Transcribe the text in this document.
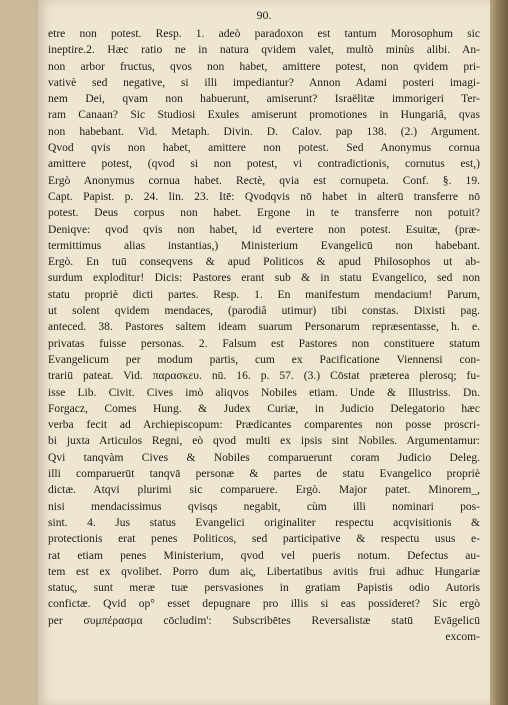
90.
etre non potest. Resp. 1. adeò paradoxon est tantum Morosophum sic
ineptire.2. Hæc ratio ne in natura qvidem valet, multò minùs alibi. An-
non arbor fructus, qvos non habet, amittere potest, non qvidem pri-
vativè sed negative, si illi impediantur? Annon Adami posteri imagi-
nem Dei, qvam non habuerunt, amiserunt? Israëlitæ immorigeri Ter-
ram Canaan? Sic Studiosi Exules amiserunt promotiones in Hungariâ, qvas
non habebant. Vid. Metaph. Divin. D. Calov. pap 138. (2.) Argument.
Qvod qvis non habet, amittere non potest. Sed Anonymus cornua
amittere potest, (qvod si non potest, vi contradictionis, cornutus est,)
Ergò Anonymus cornua habet. Rectè, qvia est cornupeta. Conf. §. 19.
Capt. Papist. p. 24. lin. 23. Itē: Qvodqvis nō habet in alterū transferre nō
potest. Deus corpus non habet. Ergone in te transferre non potuit?
Deniqve: qvod qvis non habet, id evertere non potest. Esuitæ, (præ-
termittimus alias instantias,) Ministerium Evangelicū non habebant.
Ergò. En tuū conseqvens & apud Politicos & apud Philosophos ut ab-
surdum exploditur! Dicis: Pastores erant sub & in statu Evangelico, sed non
statu propriè dicti partes. Resp. 1. En manifestum mendacium! Parum,
ut solent qvidem mendaces, (parodiâ utimur) tibi constas. Dixisti pag.
anteced. 38. Pastores saltem ideam suarum Personarum repræsentasse, h. e.
privatas fuisse personas. 2. Falsum est Pastores non constituere statum
Evangelicum per modum partis, cum ex Pacificatione Viennensi con-
trariū pateat. Vid. παρασκευ. nū. 16. p. 57. (3.) Cōstat præterea plerosq; fu-
isse Lib. Civit. Cives imò aliqvos Nobiles etiam. Unde & Illustriss. Dn.
Forgacz, Comes Hung. & Judex Curiæ, in Judicio Delegatorio hæc
verba fecit ad Archiepiscopum: Prædicantes comparentes non posse proscri-
bi juxta Articulos Regni, eò qvod multi ex ipsis sint Nobiles. Argumentamur:
Qvi tanqvàm Cives & Nobiles comparuerunt coram Judicio Deleg.
illi comparuerūt tanqvā personæ & partes de statu Evangelico propriè
dictæ. Atqvi plurimi sic comparuere. Ergò. Major patet. Minorem_,
nisi mendacissimus qvisqs negabit, cùm illi nominari pos-
sint. 4. Jus status Evangelici originaliter respectu acqvisitionis &
protectionis erat penes Politicos, sed participative & respectu usus e-
rat etiam penes Ministerium, qvod vel pueris notum. Defectus au-
tem est ex qvolibet. Porro dum aiς, Libertatibus avitis frui adhuc Hungariæ
statuς, sunt meræ tuæ persvasiones in gratiam Papistis odio Autoris
confictæ. Qvid op° esset depugnare pro illis si eas possideret? Sic ergò
per συμπέρασμα cōcludim': Subscribētes Reversalistæ statū Evāgelicū
excom-
